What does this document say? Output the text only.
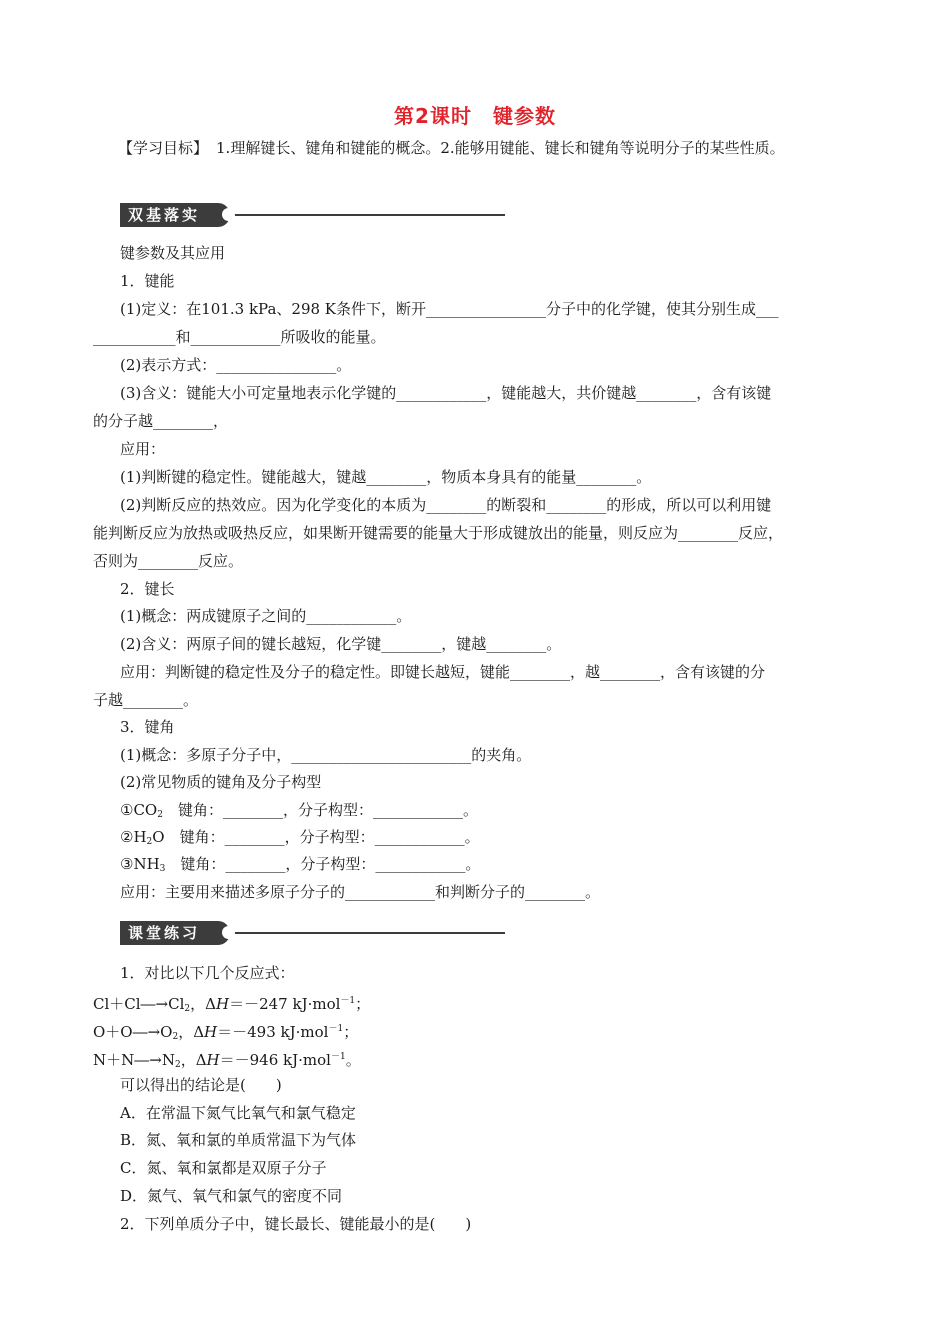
第2课时　键参数
【学习目标】 1.理解键长、键角和键能的概念。2.能够用键能、键长和键角等说明分子的某些性质。
双基落实
键参数及其应用
1．键能
(1)定义：在101.3 kPa、298 K条件下，断开________________分子中的化学键，使其分别生成___
___________和____________所吸收的能量。
(2)表示方式：________________。
(3)含义：键能大小可定量地表示化学键的____________，键能越大，共价键越________，含有该键
的分子越________，
应用：
(1)判断键的稳定性。键能越大，键越________，物质本身具有的能量________。
(2)判断反应的热效应。因为化学变化的本质为________的断裂和________的形成，所以可以利用键
能判断反应为放热或吸热反应，如果断开键需要的能量大于形成键放出的能量，则反应为________反应，
否则为________反应。
2．键长
(1)概念：两成键原子之间的____________。
(2)含义：两原子间的键长越短，化学键________，键越________。
应用：判断键的稳定性及分子的稳定性。即键长越短，键能________，越________，含有该键的分
子越________。
3．键角
(1)概念：多原子分子中，________________________的夹角。
(2)常见物质的键角及分子构型
$①CO_2$　键角：________，分子构型：____________。
$②H_2O$　键角：________，分子构型：____________。
$③NH_3$　键角：________，分子构型：____________。
应用：主要用来描述多原子分子的____________和判断分子的________。
课堂练习
1．对比以下几个反应式：
$Cl+Cl―\to Cl_2$，ΔH＝－247 kJ·mol$^{-1}$；
$O+O―\to O_2$，ΔH＝－493 kJ·mol$^{-1}$；
$N+N―\to N_2$，ΔH＝－946 kJ·mol$^{-1}$。
可以得出的结论是(　　)
A．在常温下氮气比氧气和氯气稳定
B．氮、氧和氯的单质常温下为气体
C．氮、氧和氯都是双原子分子
D．氮气、氧气和氯气的密度不同
2．下列单质分子中，键长最长、键能最小的是(　　)
